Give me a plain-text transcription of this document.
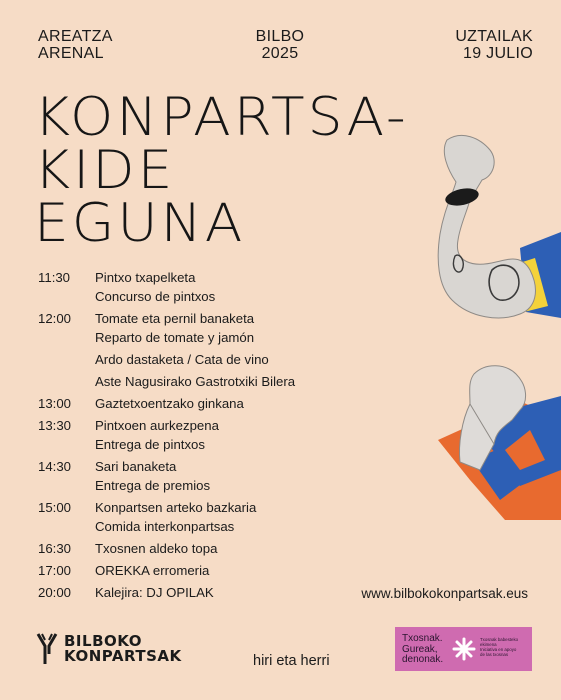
AREATZA
ARENAL
BILBO
2025
UZTAILAK
19 JULIO
KONPARTSA-
KIDE
EGUNA
11:30	Pintxo txapelketa
Concurso de pintxos
12:00	Tomate eta pernil banaketa
Reparto de tomate y jamón
Ardo dastaketa / Cata de vino
Aste Nagusirako Gastrotxiki Bilera
13:00	Gaztetxoentzako ginkana
13:30	Pintxoen aurkezpena
Entrega de pintxos
14:30	Sari banaketa
Entrega de premios
15:00	Konpartsen arteko bazkaria
Comida interkonpartsas
16:30	Txosnen aldeko topa
17:00	OREKKA erromeria
20:00	Kalejira: DJ OPILAK	www.bilbokokonpartsak.eus
BILBOKO
KONPARTSAK	hiri eta herri
Txosnak.
Gureak,
denonak.
Txosnak babesteko
ekimena
Iniciativa en apoyo
de las txosnas
